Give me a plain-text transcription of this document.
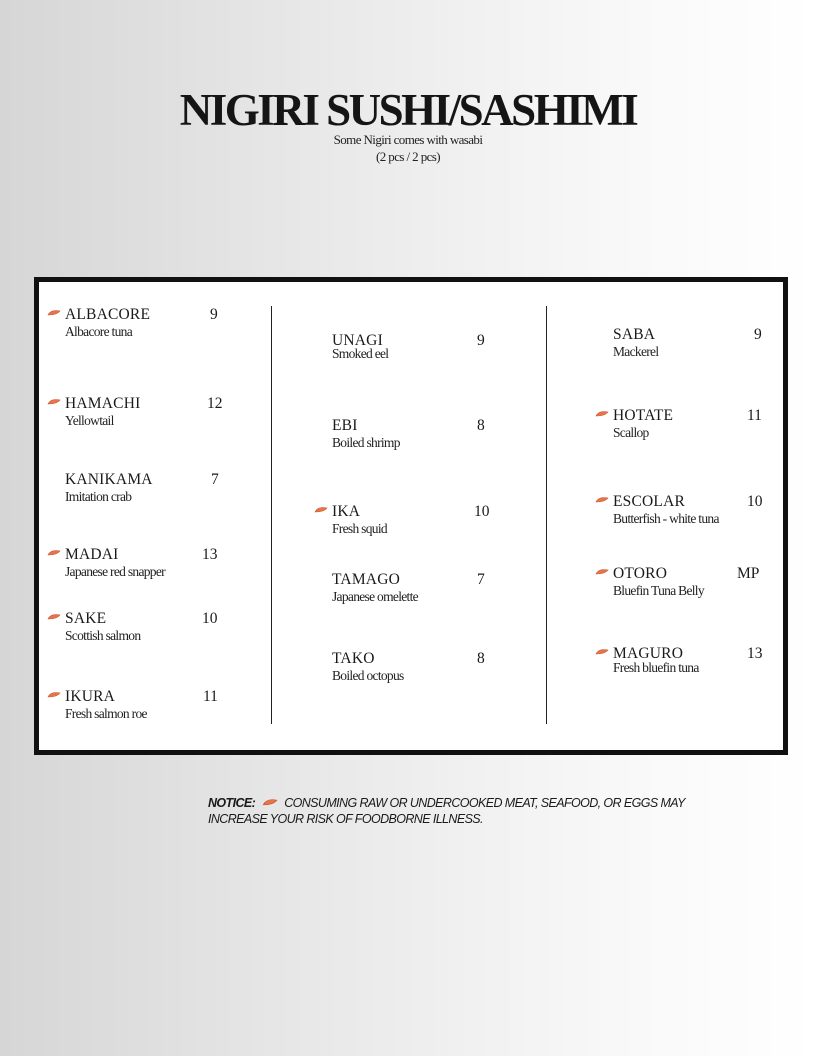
NIGIRI SUSHI/SASHIMI
Some Nigiri comes with wasabi
(2 pcs / 2 pcs)
ALBACORE	9
Albacore tuna
HAMACHI	12
Yellowtail
KANIKAMA	7
Imitation crab
MADAI	13
Japanese red snapper
SAKE	10
Scottish salmon
IKURA	11
Fresh salmon roe
UNAGI	9
Smoked eel
EBI	8
Boiled shrimp
IKA	10
Fresh squid
TAMAGO	7
Japanese omelette
TAKO	8
Boiled octopus
SABA	9
Mackerel
HOTATE	11
Scallop
ESCOLAR	10
Butterfish - white tuna
OTORO	MP
Bluefin Tuna Belly
MAGURO	13
Fresh bluefin tuna
NOTICE: CONSUMING RAW OR UNDERCOOKED MEAT, SEAFOOD, OR EGGS MAY
INCREASE YOUR RISK OF FOODBORNE ILLNESS.
